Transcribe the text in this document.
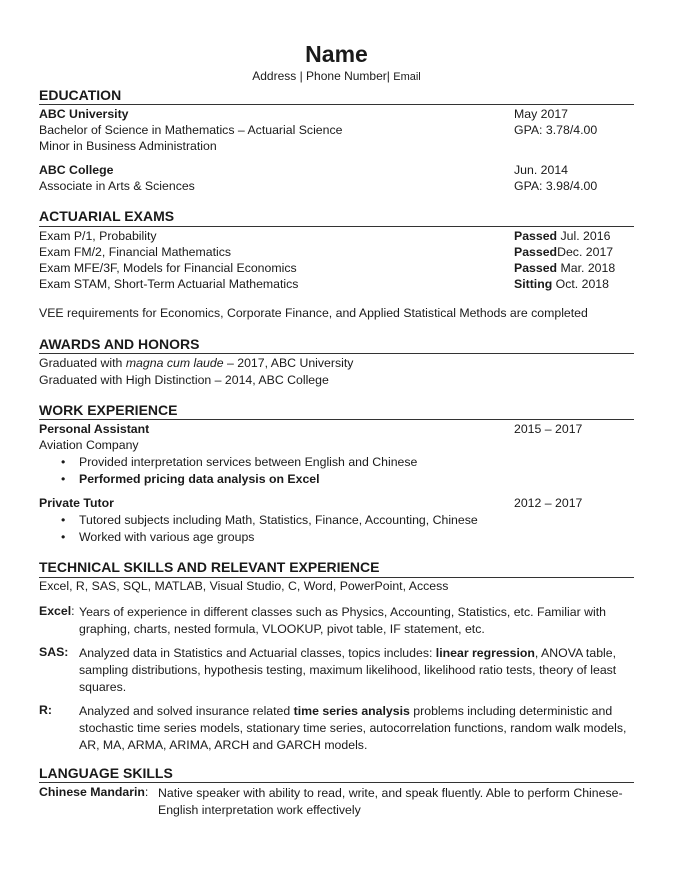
Name
Address | Phone Number| Email
EDUCATION
ABC University	May 2017
Bachelor of Science in Mathematics – Actuarial Science	GPA: 3.78/4.00
Minor in Business Administration
ABC College	Jun. 2014
Associate in Arts & Sciences	GPA: 3.98/4.00
ACTUARIAL EXAMS
Exam P/1, Probability	Passed Jul. 2016
Exam FM/2, Financial Mathematics	PassedDec. 2017
Exam MFE/3F, Models for Financial Economics	Passed Mar. 2018
Exam STAM, Short-Term Actuarial Mathematics	Sitting Oct. 2018
VEE requirements for Economics, Corporate Finance, and Applied Statistical Methods are completed
AWARDS AND HONORS
Graduated with magna cum laude – 2017, ABC University
Graduated with High Distinction – 2014, ABC College
WORK EXPERIENCE
Personal Assistant	2015 – 2017
Aviation Company
• Provided interpretation services between English and Chinese
• Performed pricing data analysis on Excel
Private Tutor	2012 – 2017
• Tutored subjects including Math, Statistics, Finance, Accounting, Chinese
• Worked with various age groups
TECHNICAL SKILLS AND RELEVANT EXPERIENCE
Excel, R, SAS, SQL, MATLAB, Visual Studio, C, Word, PowerPoint, Access
Excel: Years of experience in different classes such as Physics, Accounting, Statistics, etc. Familiar with
graphing, charts, nested formula, VLOOKUP, pivot table, IF statement, etc.
SAS: Analyzed data in Statistics and Actuarial classes, topics includes: linear regression, ANOVA table,
sampling distributions, hypothesis testing, maximum likelihood, likelihood ratio tests, theory of least
squares.
R: Analyzed and solved insurance related time series analysis problems including deterministic and
stochastic time series models, stationary time series, autocorrelation functions, random walk models,
AR, MA, ARMA, ARIMA, ARCH and GARCH models.
LANGUAGE SKILLS
Chinese Mandarin: Native speaker with ability to read, write, and speak fluently. Able to perform Chinese-
English interpretation work effectively
